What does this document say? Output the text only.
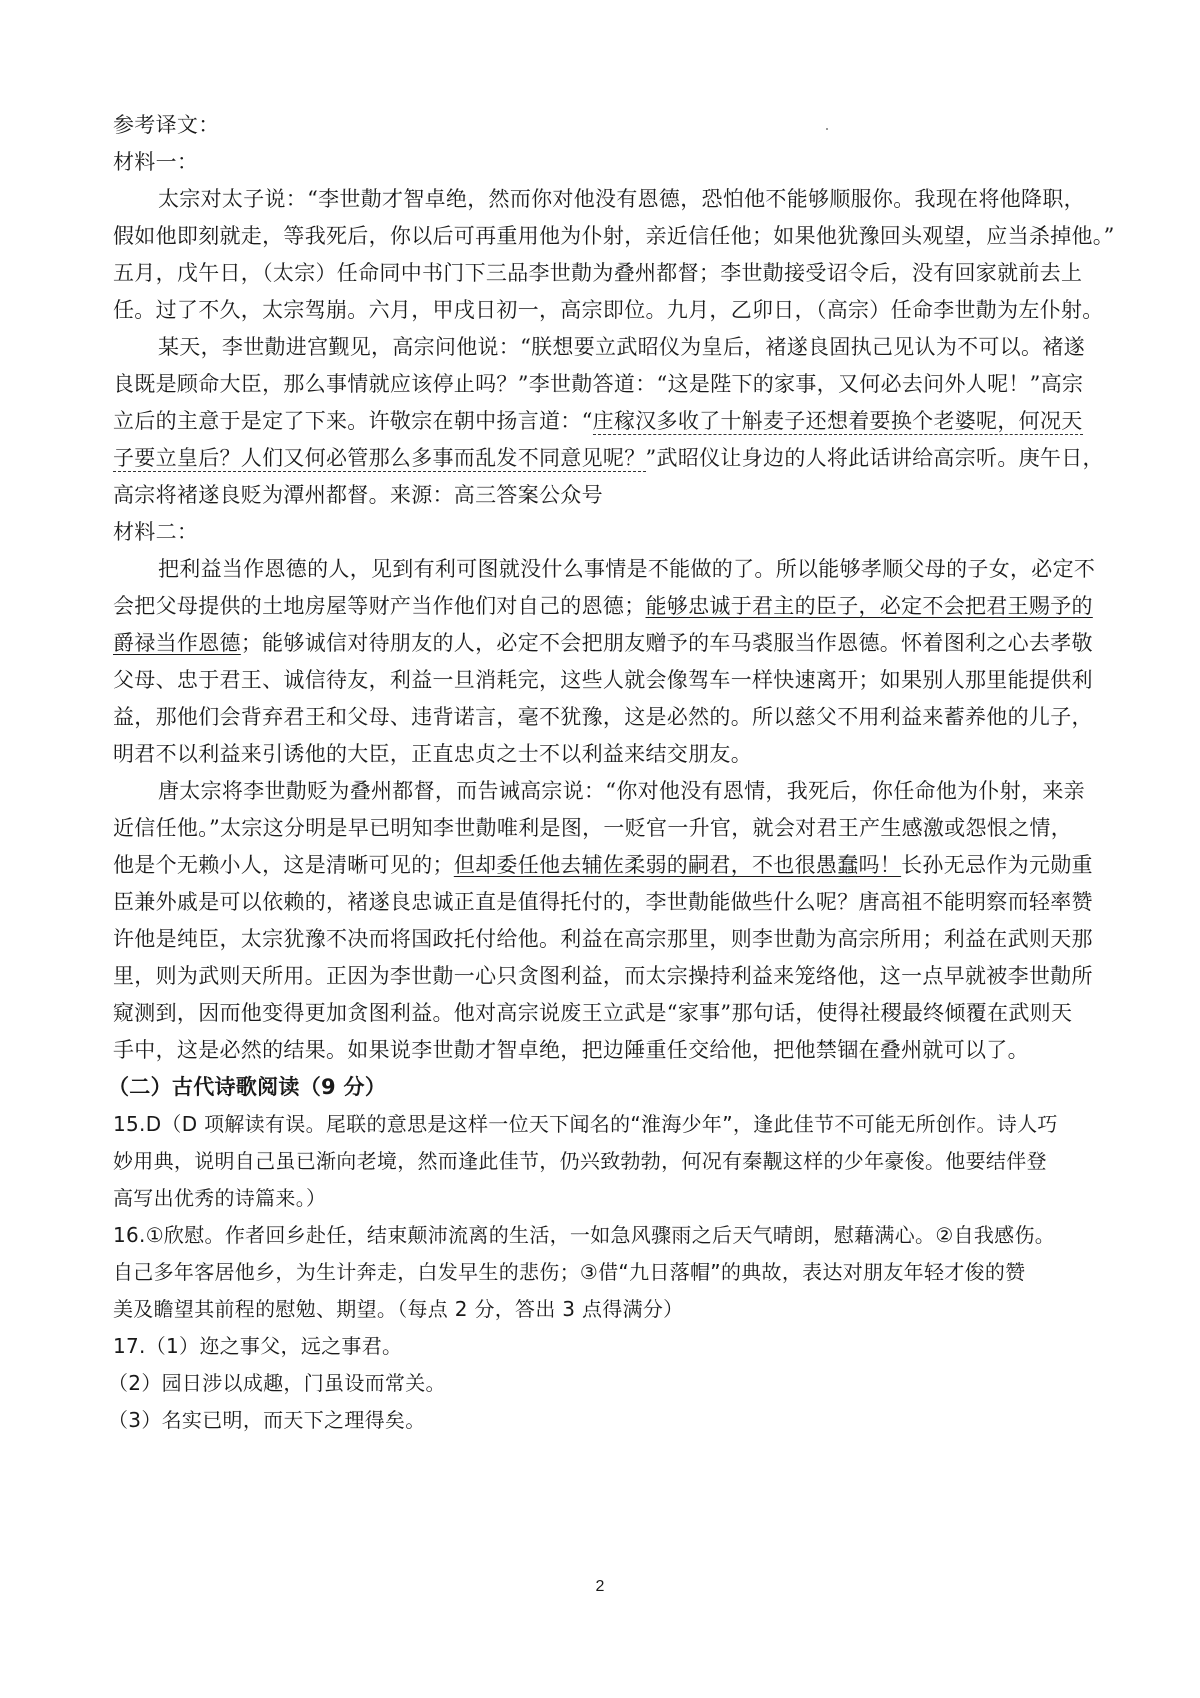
参考译文：
材料一：
太宗对太子说：“李世勣才智卓绝，然而你对他没有恩德，恐怕他不能够顺服你。我现在将他降职，
假如他即刻就走，等我死后，你以后可再重用他为仆射，亲近信任他；如果他犹豫回头观望，应当杀掉他。”
五月，戊午日，（太宗）任命同中书门下三品李世勣为叠州都督；李世勣接受诏令后，没有回家就前去上
任。过了不久，太宗驾崩。六月，甲戌日初一，高宗即位。九月，乙卯日，（高宗）任命李世勣为左仆射。
某天，李世勣进宫觐见，高宗问他说：“朕想要立武昭仪为皇后，褚遂良固执己见认为不可以。褚遂
良既是顾命大臣，那么事情就应该停止吗？”李世勣答道：“这是陛下的家事，又何必去问外人呢！”高宗
立后的主意于是定了下来。许敬宗在朝中扬言道：“庄稼汉多收了十斛麦子还想着要换个老婆呢，何况天
子要立皇后？人们又何必管那么多事而乱发不同意见呢？”武昭仪让身边的人将此话讲给高宗听。庚午日，
高宗将褚遂良贬为潭州都督。来源：高三答案公众号
材料二：
把利益当作恩德的人，见到有利可图就没什么事情是不能做的了。所以能够孝顺父母的子女，必定不
会把父母提供的土地房屋等财产当作他们对自己的恩德；能够忠诚于君主的臣子，必定不会把君王赐予的
爵禄当作恩德；能够诚信对待朋友的人，必定不会把朋友赠予的车马裘服当作恩德。怀着图利之心去孝敬
父母、忠于君王、诚信待友，利益一旦消耗完，这些人就会像驾车一样快速离开；如果别人那里能提供利
益，那他们会背弃君王和父母、违背诺言，毫不犹豫，这是必然的。所以慈父不用利益来蓄养他的儿子，
明君不以利益来引诱他的大臣，正直忠贞之士不以利益来结交朋友。
唐太宗将李世勣贬为叠州都督，而告诫高宗说：“你对他没有恩情，我死后，你任命他为仆射，来亲
近信任他。”太宗这分明是早已明知李世勣唯利是图，一贬官一升官，就会对君王产生感激或怨恨之情，
他是个无赖小人，这是清晰可见的；但却委任他去辅佐柔弱的嗣君，不也很愚蠢吗！长孙无忌作为元勋重
臣兼外戚是可以依赖的，褚遂良忠诚正直是值得托付的，李世勣能做些什么呢？唐高祖不能明察而轻率赞
许他是纯臣，太宗犹豫不决而将国政托付给他。利益在高宗那里，则李世勣为高宗所用；利益在武则天那
里，则为武则天所用。正因为李世勣一心只贪图利益，而太宗操持利益来笼络他，这一点早就被李世勣所
窥测到，因而他变得更加贪图利益。他对高宗说废王立武是“家事”那句话，使得社稷最终倾覆在武则天
手中，这是必然的结果。如果说李世勣才智卓绝，把边陲重任交给他，把他禁锢在叠州就可以了。
（二）古代诗歌阅读（9 分）
15.D（D 项解读有误。尾联的意思是这样一位天下闻名的“淮海少年”，逢此佳节不可能无所创作。诗人巧
妙用典，说明自己虽已渐向老境，然而逢此佳节，仍兴致勃勃，何况有秦觏这样的少年豪俊。他要结伴登
高写出优秀的诗篇来。）
16.①欣慰。作者回乡赴任，结束颠沛流离的生活，一如急风骤雨之后天气晴朗，慰藉满心。②自我感伤。
自己多年客居他乡，为生计奔走，白发早生的悲伤；③借“九日落帽”的典故，表达对朋友年轻才俊的赞
美及瞻望其前程的慰勉、期望。（每点 2 分，答出 3 点得满分）
17.（1）迩之事父，远之事君。
（2）园日涉以成趣，门虽设而常关。
（3）名实已明，而天下之理得矣。
2
